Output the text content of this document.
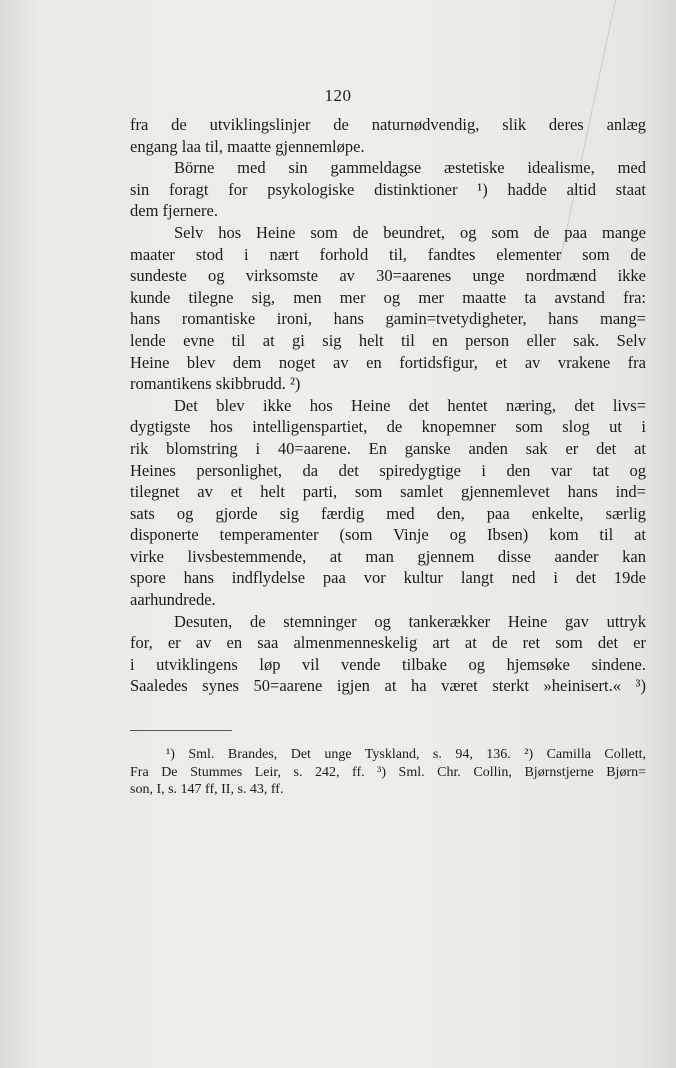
120
fra de utviklingslinjer de naturnødvendig, slik deres anlæg
engang laa til, maatte gjennemløpe.
Börne med sin gammeldagse æstetiske idealisme, med
sin foragt for psykologiske distinktioner ¹) hadde altid staat
dem fjernere.
Selv hos Heine som de beundret, og som de paa mange
maater stod i nært forhold til, fandtes elementer som de
sundeste og virksomste av 30=aarenes unge nordmænd ikke
kunde tilegne sig, men mer og mer maatte ta avstand fra:
hans romantiske ironi, hans gamin=tvetydigheter, hans mang=
lende evne til at gi sig helt til en person eller sak. Selv
Heine blev dem noget av en fortidsfigur, et av vrakene fra
romantikens skibbrudd. ²)
Det blev ikke hos Heine det hentet næring, det livs=
dygtigste hos intelligenspartiet, de knopemner som slog ut i
rik blomstring i 40=aarene. En ganske anden sak er det at
Heines personlighet, da det spiredygtige i den var tat og
tilegnet av et helt parti, som samlet gjennemlevet hans ind=
sats og gjorde sig færdig med den, paa enkelte, særlig
disponerte temperamenter (som Vinje og Ibsen) kom til at
virke livsbestemmende, at man gjennem disse aander kan
spore hans indflydelse paa vor kultur langt ned i det 19de
aarhundrede.
Desuten, de stemninger og tankerækker Heine gav uttryk
for, er av en saa almenmenneskelig art at de ret som det er
i utviklingens løp vil vende tilbake og hjemsøke sindene.
Saaledes synes 50=aarene igjen at ha været sterkt »heinisert.« ³)
¹) Sml. Brandes, Det unge Tyskland, s. 94, 136. ²) Camilla Collett,
Fra De Stummes Leir, s. 242, ff. ³) Sml. Chr. Collin, Bjørnstjerne Bjørn=
son, I, s. 147 ff, II, s. 43, ff.
